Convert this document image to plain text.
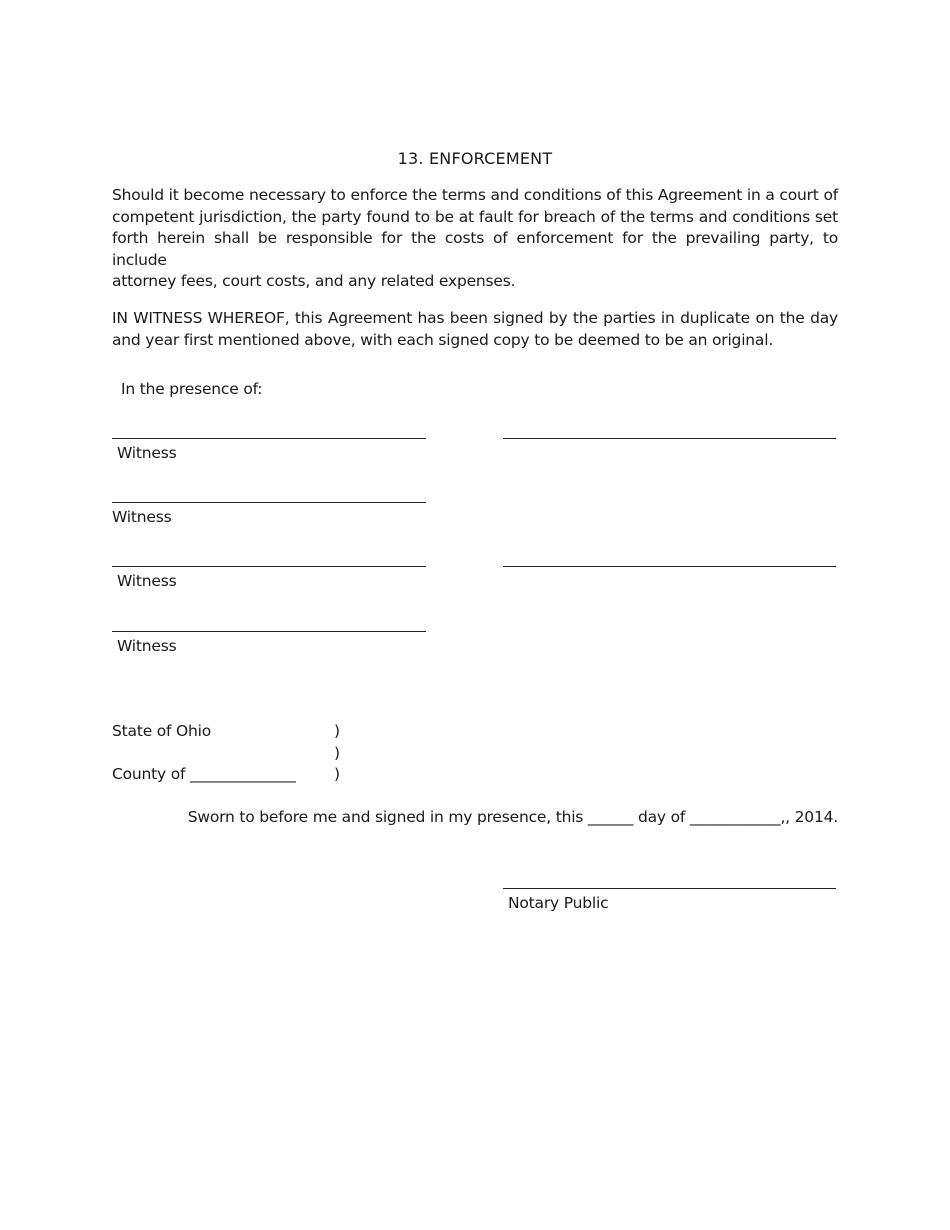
13. ENFORCEMENT
Should it become necessary to enforce the terms and conditions of this Agreement in a court of
competent jurisdiction, the party found to be at fault for breach of the terms and conditions set
forth herein shall be responsible for the costs of enforcement for the prevailing party, to include
attorney fees, court costs, and any related expenses.
IN WITNESS WHEREOF, this Agreement has been signed by the parties in duplicate on the day
and year first mentioned above, with each signed copy to be deemed to be an original.
In the presence of:
Witness
Witness
Witness
Witness
State of Ohio	)
)
County of ______________ )
Sworn to before me and signed in my presence, this ______ day of ____________,, 2014.
Notary Public
